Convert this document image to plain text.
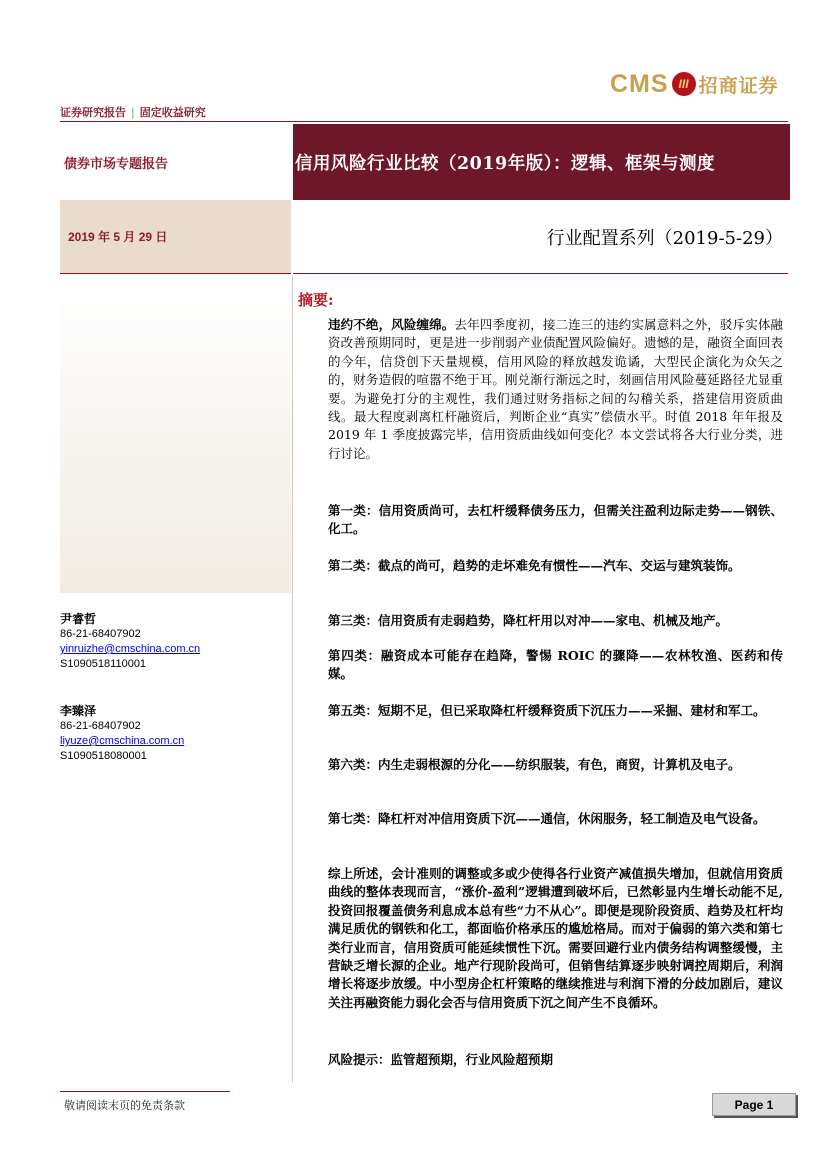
CMS III 招商证券
证券研究报告 | 固定收益研究
债券市场专题报告	信用风险行业比较（2019年版）：逻辑、框架与测度
2019 年 5 月 29 日	行业配置系列（2019-5-29）
尹睿哲
86-21-68407902
yinruizhe@cmschina.com.cn
S1090518110001
李臻泽
86-21-68407902
liyuze@cmschina.com.cn
S1090518080001
摘要:
违约不绝，风险缠绵。去年四季度初，接二连三的违约实属意料之外，驳斥实体融资改善预期同时，更是进一步削弱产业债配置风险偏好。遗憾的是，融资全面回表的今年，信贷创下天量规模，信用风险的释放越发诡谲，大型民企演化为众矢之的，财务造假的喧嚣不绝于耳。刚兑渐行渐远之时，刻画信用风险蔓延路径尤显重要。为避免打分的主观性，我们通过财务指标之间的勾稽关系，搭建信用资质曲线。最大程度剥离杠杆融资后，判断企业“真实”偿债水平。时值 2018 年年报及 2019 年 1 季度披露完毕，信用资质曲线如何变化？本文尝试将各大行业分类，进行讨论。
第一类：信用资质尚可，去杠杆缓释债务压力，但需关注盈利边际走势——钢铁、化工。
第二类：截点的尚可，趋势的走坏难免有惯性——汽车、交运与建筑装饰。
第三类：信用资质有走弱趋势，降杠杆用以对冲——家电、机械及地产。
第四类：融资成本可能存在趋降，警惕 ROIC 的骤降——农林牧渔、医药和传媒。
第五类：短期不足，但已采取降杠杆缓释资质下沉压力——采掘、建材和军工。
第六类：内生走弱根源的分化——纺织服装，有色，商贸，计算机及电子。
第七类：降杠杆对冲信用资质下沉——通信，休闲服务，轻工制造及电气设备。
综上所述，会计准则的调整或多或少使得各行业资产减值损失增加，但就信用资质曲线的整体表现而言，“涨价-盈利”逻辑遭到破坏后，已然彰显内生增长动能不足,投资回报覆盖债务利息成本总有些“力不从心”。即便是现阶段资质、趋势及杠杆均满足质优的钢铁和化工，都面临价格承压的尴尬格局。而对于偏弱的第六类和第七类行业而言，信用资质可能延续惯性下沉。需要回避行业内债务结构调整缓慢，主营缺乏增长源的企业。地产行现阶段尚可，但销售结算逐步映射调控周期后，利润增长将逐步放缓。中小型房企杠杆策略的继续推进与利润下滑的分歧加剧后，建议关注再融资能力弱化会否与信用资质下沉之间产生不良循环。
风险提示：监管超预期，行业风险超预期
敬请阅读末页的免责条款	Page 1
